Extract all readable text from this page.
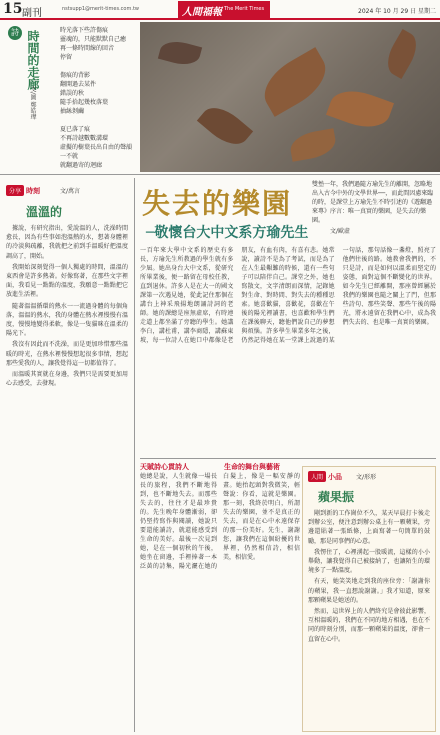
15 副刊	nstsupp1@merit-times.com.tw	人間福報 The Merit Times	2024 年 10 月 29 日 星期二
詩 時間的走廊
文∕圖 鄭皓瑋
時光落下些許傷痕
靈魂的，只能默默自己癒
再一條時間線的回音
停留

傷痕的背影
翻開過去某件
錯誤的秋
隨手拾起幾枚落葉
抽絲剝繭

夏已落了痕
不再詩越數數溝環
虛擬的樹葉長出自由的聲韻
一不就
就翻過寄的迴廊
分享 時刻	文∕萬言
溫溫的

據說，有研究指出，愛說溫的人，洗澡時間愈長，因為有些事如泡溫熱的水，想著身體裡的冷淡與疏離，我就把之前到手溫暖好把溫度調高了，開始。

我開始深刻覺得一個人獨處的時間，溫溫的東西會是許多熱著。好像寫著，在那些文字裡面，我看見一點點的溫度，我願意一點點把它放進生活裡。

隨著溫溫循環的熱水一一流過身體的每個角落，溫溫的熱水，我的身體在熱水裡慢慢有溫度，慢慢地變得柔軟，像是一隻貓咪在溫柔的陽光下。

我沒有因此而不洗澡，而是更加珍惜那些溫暖的時光，在熱水裡慢慢想起很多事情，想起那些愛我的人，讓我覺得這一切都值得了。

而溫暖其實就在身邊，我們只是需要更加用心去感受，去發現。

失去的樂園
雙墊一年，我們過隨方瑜先生的離開，忽略地出入古今中外的文學世界──，而此間因慮來臨的時，是課堂上方瑜先生不時引述的《遊翻過來專》序言：唯一真實的樂園，是失去的樂園。
─敬懷台大中文系方瑜先生	文∕歐虛
一百年來大學中文系的歷史有多長，方瑜先生所教過的學生就有多少屆。她出身台大中文系，從研究所畢業後，便一路留在母校任教，直到退休。許多人是在大一的國文課第一次遇見她，從此記住那個在講台上神采飛揚地朗誦詩詞的老師。她的課總是座無虛席，有時連走道上都坐滿了旁聽的學生。她講李白，講杜甫，講李商隱，講蘇東坡，每一位詩人在她口中都像是老朋友，有血有肉，有喜有悲。她常說，讀詩不是為了考試，而是為了在人生最艱難的時候，還有一些句子可以陪伴自己。課堂之外，她也寫散文，文字清朗而深情，記錄她對生命、對時間、對失去的種種思索。她喜歡貓，喜歡花，喜歡在午後的陽光裡讀書，也喜歡和學生們在課後聊天，聽他們說自己的夢想與煩惱。許多學生畢業多年之後，仍然記得她在某一堂課上說過的某一句話，那句話像一盞燈，照亮了他們往後的路。她教會我們的，不只是詩，而是如何以溫柔而堅定的姿態，面對這個不斷變化的世界。如今先生已經離開，那座曾經屬於我們的樂園也隨之關上了門，但那些詩句、那些笑聲、那些午後的陽光，將永遠留在我們心中，成為我們失去的、也是唯一真實的樂園。
天賦詩心貫詩人	生命的舞台與藝術
她總是說，人生就像一場長長的旅程，我們不斷地得到，也不斷地失去。而那些失去的，往往才是最珍貴的。先生晚年身體漸弱，卻仍堅持寫作與閱讀，她說只要還能讀詩，就還能感受到生命的美好。最後一次見到她，是在一個初秋的午後，她坐在窗邊，手裡捧著一本泛黃的詩集，陽光灑在她的白髮上，像是一幅安靜的畫。她抬起頭對我微笑，輕聲說：你看，這就是樂園。那一刻，我終於明白，所謂失去的樂園，並不是真正的失去，而是在心中永遠保存的那一份美好。先生，謝謝您，讓我們在這個紛擾的世界裡，仍然相信詩，相信美，相信愛。
人間 小品 文∕形形
蘋果振

剛到新的工作崗位不久，某天早晨打卡後走到辦公室，便注意到辦公桌上有一顆蘋果，旁邊還貼著一張紙條，上面寫著一句簡單的鼓勵，那是同事們的心意。

我愣住了，心裡湧起一股暖流，這樣的小小舉動，讓我覺得自己被接納了，也讓陌生的環境多了一點溫度。

有天，她笑笑地走到我的座位旁：「謝謝你的蘋果，我一直想說謝謝。」我才知道，原來那顆蘋果是她送的。

然而，這世界上的人們終究是會彼此影響，互相溫暖的，我們在不同的地方相遇，也在不同的時刻分別，而那一顆蘋果的溫度，卻會一直留在心中。
